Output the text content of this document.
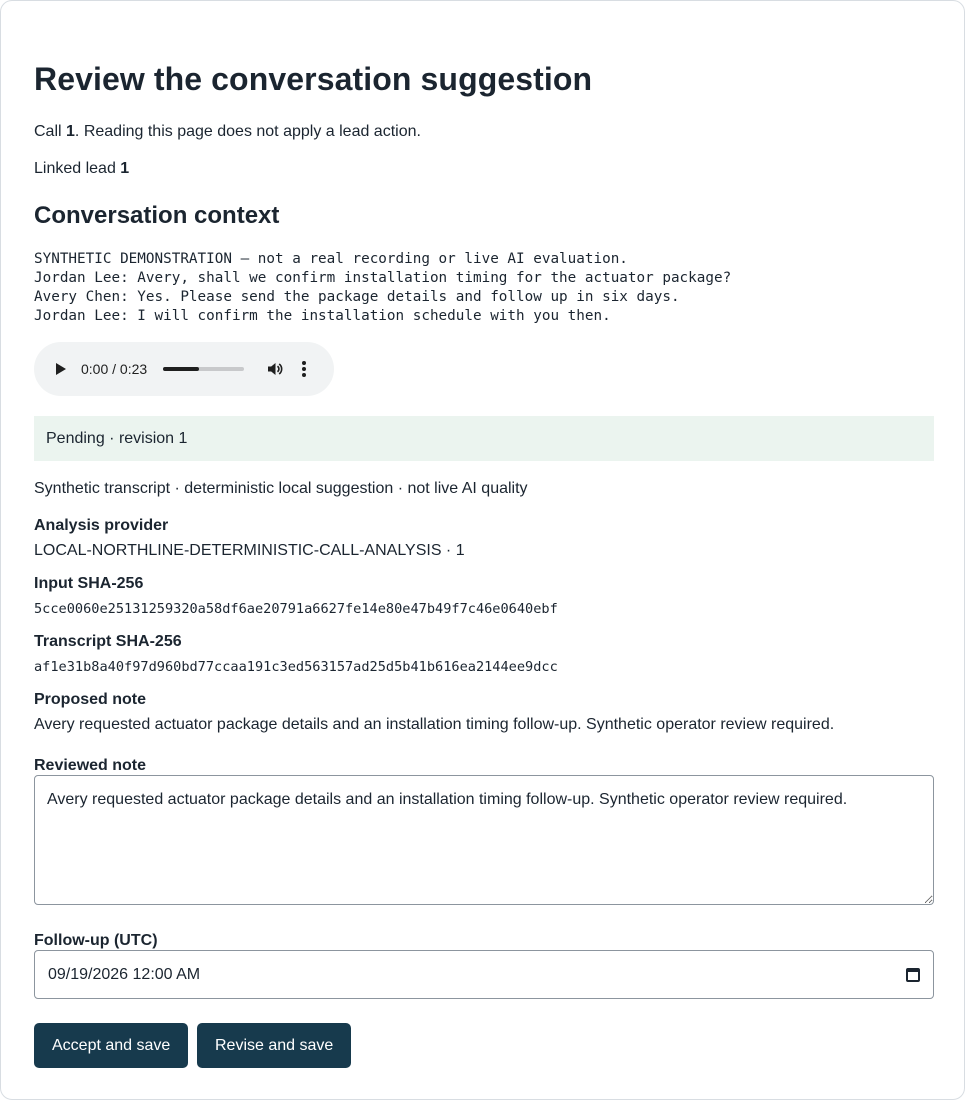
Review the conversation suggestion
Call 1. Reading this page does not apply a lead action.
Linked lead 1
Conversation context
SYNTHETIC DEMONSTRATION — not a real recording or live AI evaluation.
Jordan Lee: Avery, shall we confirm installation timing for the actuator package?
Avery Chen: Yes. Please send the package details and follow up in six days.
Jordan Lee: I will confirm the installation schedule with you then.
0:00 / 0:23
Pending · revision 1
Synthetic transcript · deterministic local suggestion · not live AI quality
Analysis provider
LOCAL-NORTHLINE-DETERMINISTIC-CALL-ANALYSIS · 1
Input SHA-256
5cce0060e25131259320a58df6ae20791a6627fe14e80e47b49f7c46e0640ebf
Transcript SHA-256
af1e31b8a40f97d960bd77ccaa191c3ed563157ad25d5b41b616ea2144ee9dcc
Proposed note
Avery requested actuator package details and an installation timing follow-up. Synthetic operator review required.
Reviewed note
Avery requested actuator package details and an installation timing follow-up. Synthetic operator review required.
Follow-up (UTC)
09/19/2026 12:00 AM
Accept and save	Revise and save
